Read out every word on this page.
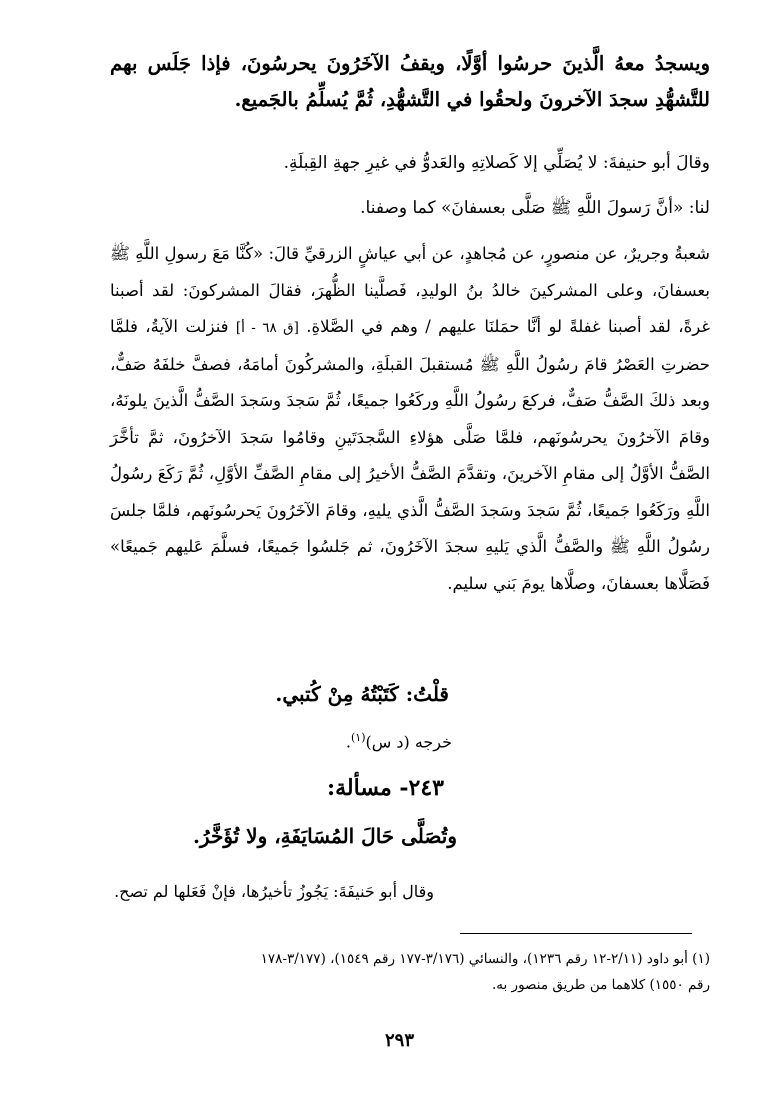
ويسجدُ معهُ الَّذينَ حرسُوا أوَّلًا، ويقفُ الآخَرُونَ يحرسُونَ، فإذا جَلَس بهم للتَّشهُّدِ سجدَ الآخرونَ ولحقُوا في التَّشهُّدِ، ثُمَّ يُسلِّمُ بالجَميع.
وقالَ أبو حنيفةَ: لا يُصَلِّي إلا كَصلاتِهِ والعَدوُّ في غيرِ جهةِ القِبلَةِ.
لنا: «أنَّ رَسولَ اللَّهِ ﷺ صَلَّى بعسفانَ» كما وصفنا.
شعبةُ وجريرٌ، عن منصورٍ، عن مُجاهدٍ، عن أبي عياشٍ الزرقيِّ قالَ: «كُنَّا مَعَ رسولِ اللَّهِ ﷺ بعسفانَ، وعلى المشركينَ خالدُ بنُ الوليدِ، فَصلَّينا الظُّهرَ، فقالَ المشركونَ: لقد أصبنا غرةً، لقد أصبنا غفلةً لو أنَّا حمَلنَا عليهم / وهم في الصَّلاةِ. [ق ٦٨ - أ] فنزلت الآيةُ، فلمَّا حضرتِ العَصْرُ قامَ رسُولُ اللَّهِ ﷺ مُستقبلَ القبلَةِ، والمشركُونَ أمامَهُ، فصفَّ خلفَهُ صَفٌّ، وبعد ذلكَ الصَّفُّ صَفٌّ، فركعَ رسُولُ اللَّهِ وركَعُوا جميعًا، ثُمَّ سَجدَ وسَجدَ الصَّفُّ الَّذينَ يلونَهُ، وقامَ الآخرُونَ يحرسُونَهم، فلمَّا صَلَّى هؤلاءِ السَّجدَتَينِ وقامُوا سَجدَ الآخرُونَ، ثمَّ تأخَّرَ الصَّفُّ الأوَّلُ إلى مقامِ الآخرينَ، وتقدَّمَ الصَّفُّ الأخيرُ إلى مقامِ الصَّفِّ الأوَّلِ، ثُمَّ رَكَعَ رسُولُ اللَّهِ ورَكَعُوا جَميعًا، ثُمَّ سَجدَ وسَجدَ الصَّفُّ الَّذي يليهِ، وقامَ الآخَرُونَ يَحرسُونَهم، فلمَّا جلسَ رسُولُ اللَّهِ ﷺ والصَّفُّ الَّذي يَليهِ سجدَ الآخَرُونَ، ثم جَلسُوا جَميعًا، فسلَّمَ عَليهم جَميعًا» فَصَلَّاها بعسفانَ، وصلَّاها يومَ بَني سليم.
قلْتُ: كَتَبْتُهُ مِنْ كُتبي.
خرجه (د س)$^{(١)}$.
٢٤٣- مسألة:
وتُصَلَّى حَالَ المُسَايَفَةِ، ولا تُؤَخَّرُ.
وقال أبو حَنيفَةَ: يَجُوزُ تأخيرُها، فإنْ فَعَلها لم تصح.
(١) أبو داود (٢/١١-١٢ رقم ١٢٣٦)، والنسائي (٣/١٧٦-١٧٧ رقم ١٥٤٩)، (٣/١٧٧-١٧٨
رقم ١٥٥٠) كلاهما من طريق منصور به.
٢٩٣
